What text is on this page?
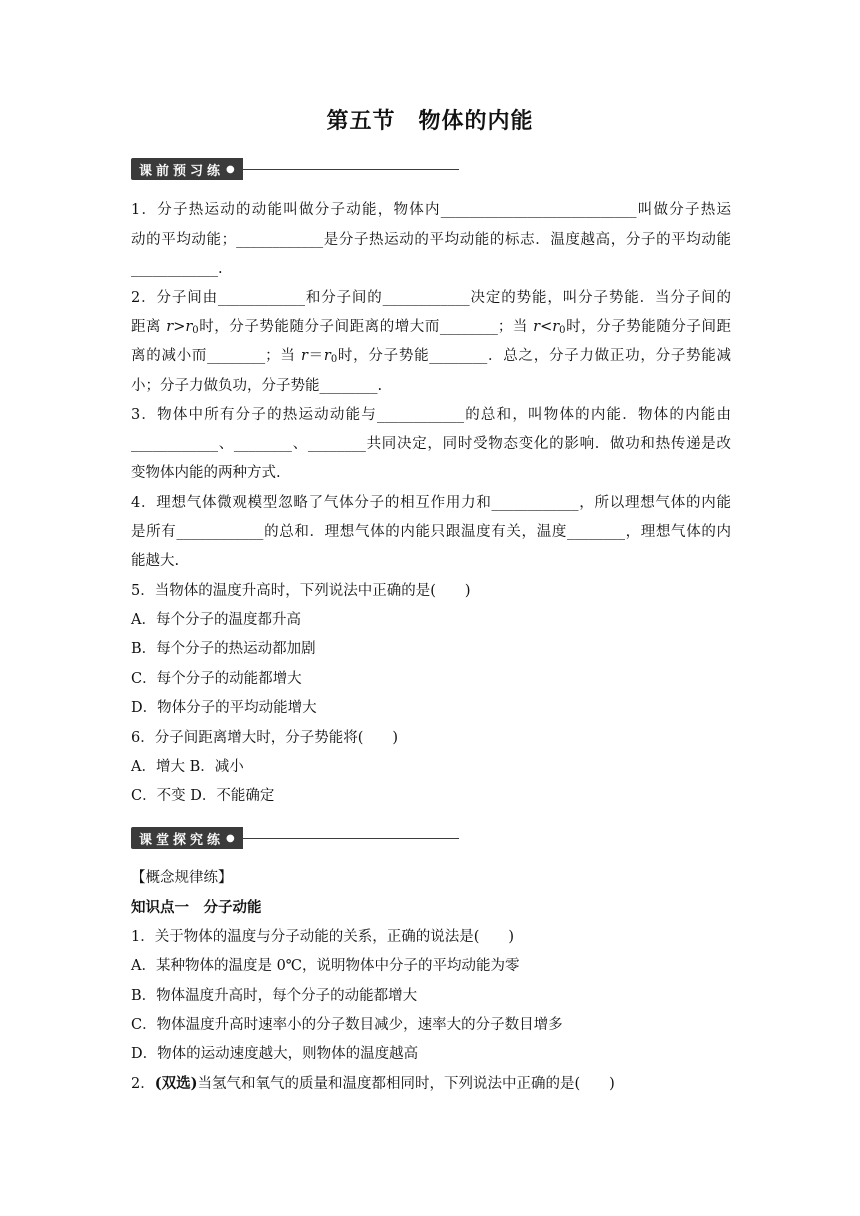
第五节　物体的内能
课前预习练 ●
1．分子热运动的动能叫做分子动能，物体内___________________________叫做分子热运
动的平均动能；____________是分子热运动的平均动能的标志．温度越高，分子的平均动能
____________.
2．分子间由____________和分子间的____________决定的势能，叫分子势能．当分子间的
距离 $r>r_0$时，分子势能随分子间距离的增大而________；当 $r<r_0$时，分子势能随分子间距
离的减小而________；当 $r=r_0$时，分子势能________．总之，分子力做正功，分子势能减
小；分子力做负功，分子势能________.
3．物体中所有分子的热运动动能与____________的总和，叫物体的内能．物体的内能由
____________、________、________共同决定，同时受物态变化的影响．做功和热传递是改
变物体内能的两种方式.
4．理想气体微观模型忽略了气体分子的相互作用力和____________，所以理想气体的内能
是所有____________的总和．理想气体的内能只跟温度有关，温度________，理想气体的内
能越大.
5．当物体的温度升高时，下列说法中正确的是(　　)
A．每个分子的温度都升高
B．每个分子的热运动都加剧
C．每个分子的动能都增大
D．物体分子的平均动能增大
6．分子间距离增大时，分子势能将(　　)
A．增大 B．减小
C．不变 D．不能确定
课堂探究练 ●
【概念规律练】
知识点一　分子动能
1．关于物体的温度与分子动能的关系，正确的说法是(　　)
A．某种物体的温度是 0℃，说明物体中分子的平均动能为零
B．物体温度升高时，每个分子的动能都增大
C．物体温度升高时速率小的分子数目减少，速率大的分子数目增多
D．物体的运动速度越大，则物体的温度越高
2．(双选)当氢气和氧气的质量和温度都相同时，下列说法中正确的是(　　)
